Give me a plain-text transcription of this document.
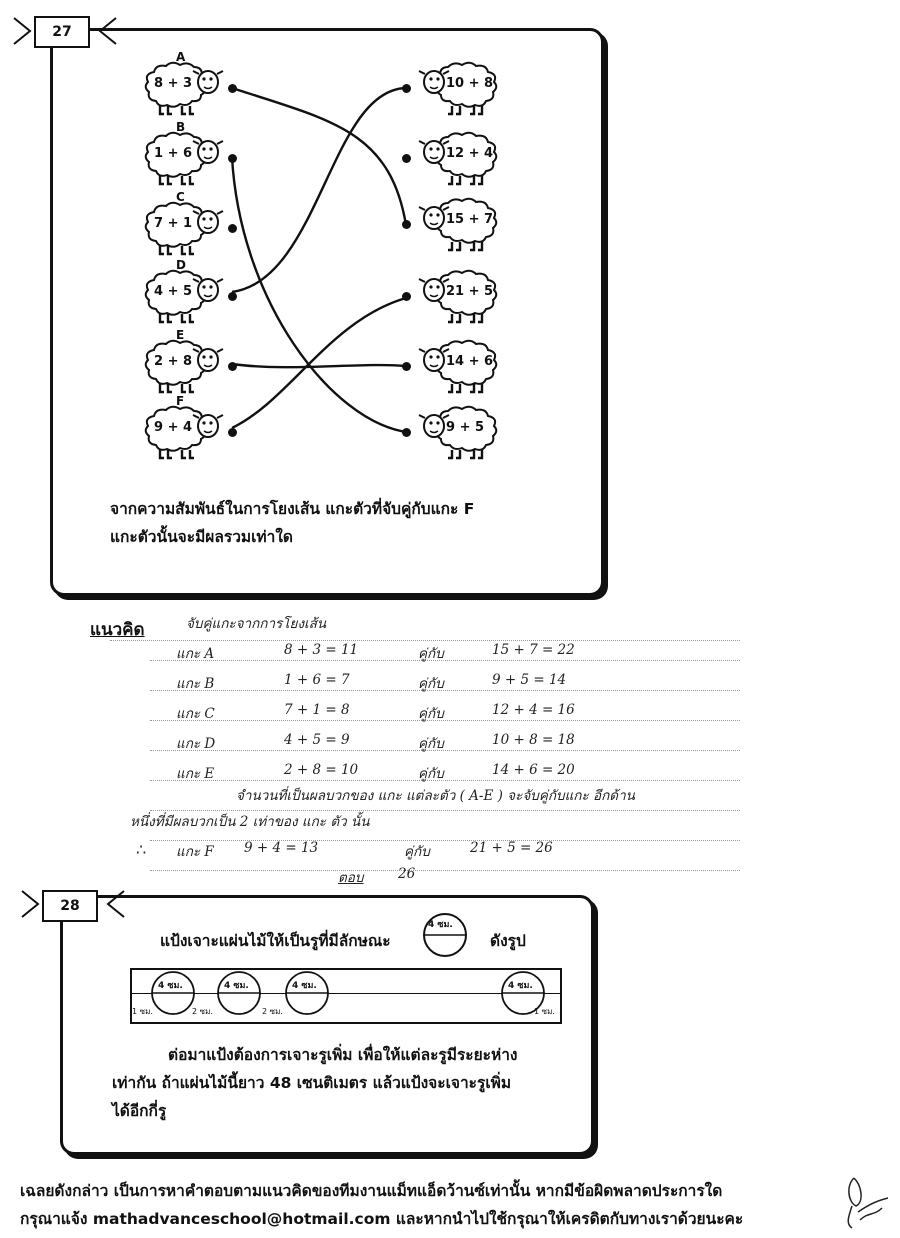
27
A
8 + 3
B
1 + 6
C
7 + 1
D
4 + 5
E
2 + 8
F
9 + 4
10 + 8
12 + 4
15 + 7
21 + 5
14 + 6
9 + 5
จากความสัมพันธ์ในการโยงเส้น แกะตัวที่จับคู่กับแกะ F
แกะตัวนั้นจะมีผลรวมเท่าใด
แนวคิด	จับคู่แกะจากการโยงเส้น
แกะ A	8 + 3 = 11	คู่กับ	15 + 7 = 22
แกะ B	1 + 6 = 7	คู่กับ	9 + 5 = 14
แกะ C	7 + 1 = 8	คู่กับ	12 + 4 = 16
แกะ D	4 + 5 = 9	คู่กับ	10 + 8 = 18
แกะ E	2 + 8 = 10	คู่กับ	14 + 6 = 20
จำนวนที่เป็นผลบวกของ แกะ แต่ละตัว ( A-E ) จะจับคู่กับแกะ อีกด้าน
หนึ่งที่มีผลบวกเป็น 2 เท่าของ แกะ ตัว นั้น
∴ แกะ F 9 + 4 = 13	คู่กับ	21 + 5 = 26
ตอบ	26
28
แป้งเจาะแผ่นไม้ให้เป็นรูที่มีลักษณะ
4 ซม.
ดังรูป
4 ซม.	4 ซม.	4 ซม.	4 ซม.
1 ซม.	2 ซม.	2 ซม.	1 ซม.
ต่อมาแป้งต้องการเจาะรูเพิ่ม เพื่อให้แต่ละรูมีระยะห่าง
เท่ากัน ถ้าแผ่นไม้นี้ยาว 48 เซนติเมตร แล้วแป้งจะเจาะรูเพิ่ม
ได้อีกกี่รู
เฉลยดังกล่าว เป็นการหาคำตอบตามแนวคิดของทีมงานแม็ทแอ็ดว้านซ์เท่านั้น หากมีข้อผิดพลาดประการใด
กรุณาแจ้ง mathadvanceschool@hotmail.com และหากนำไปใช้กรุณาให้เครดิตกับทางเราด้วยนะคะ
